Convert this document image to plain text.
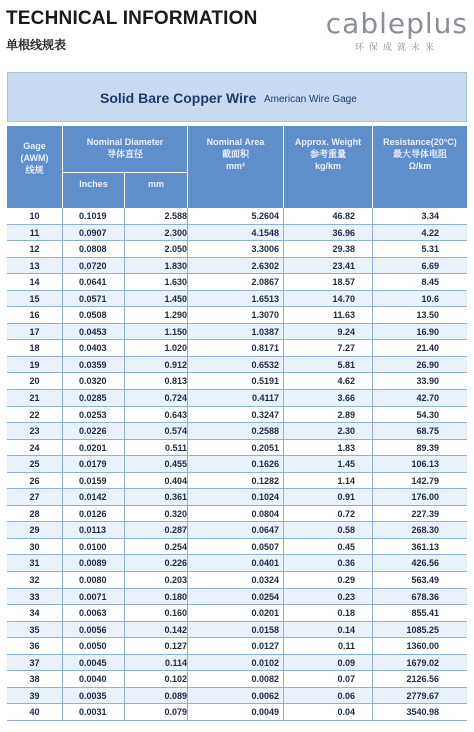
TECHNICAL INFORMATION
单根线规表
cableplus
环保成就未来
Solid Bare Copper Wire American Wire Gage
Gage
(AWM)
线规
Nominal Diameter
导体直径
Inches	mm
Nominal Area
截面积
mm²
Approx. Weight
参考重量
kg/km
Resistance(20°C)
最大导体电阻
Ω/km
10	0.1019	2.588	5.2604	46.82	3.34
11	0.0907	2.300	4.1548	36.96	4.22
12	0.0808	2.050	3.3006	29.38	5.31
13	0.0720	1.830	2.6302	23.41	6.69
14	0.0641	1.630	2.0867	18.57	8.45
15	0.0571	1.450	1.6513	14.70	10.6
16	0.0508	1.290	1.3070	11.63	13.50
17	0.0453	1.150	1.0387	9.24	16.90
18	0.0403	1.020	0.8171	7.27	21.40
19	0.0359	0.912	0.6532	5.81	26.90
20	0.0320	0.813	0.5191	4.62	33.90
21	0.0285	0.724	0.4117	3.66	42.70
22	0.0253	0.643	0.3247	2.89	54.30
23	0.0226	0.574	0.2588	2.30	68.75
24	0.0201	0.511	0.2051	1.83	89.39
25	0.0179	0.455	0.1626	1.45	106.13
26	0.0159	0.404	0.1282	1.14	142.79
27	0.0142	0.361	0.1024	0.91	176.00
28	0.0126	0.320	0.0804	0.72	227.39
29	0.0113	0.287	0.0647	0.58	268.30
30	0.0100	0.254	0.0507	0.45	361.13
31	0.0089	0.226	0.0401	0.36	426.56
32	0.0080	0.203	0.0324	0.29	563.49
33	0.0071	0.180	0.0254	0.23	678.36
34	0.0063	0.160	0.0201	0.18	855.41
35	0.0056	0.142	0.0158	0.14	1085.25
36	0.0050	0.127	0.0127	0.11	1360.00
37	0.0045	0.114	0.0102	0.09	1679.02
38	0.0040	0.102	0.0082	0.07	2126.56
39	0.0035	0.089	0.0062	0.06	2779.67
40	0.0031	0.079	0.0049	0.04	3540.98
